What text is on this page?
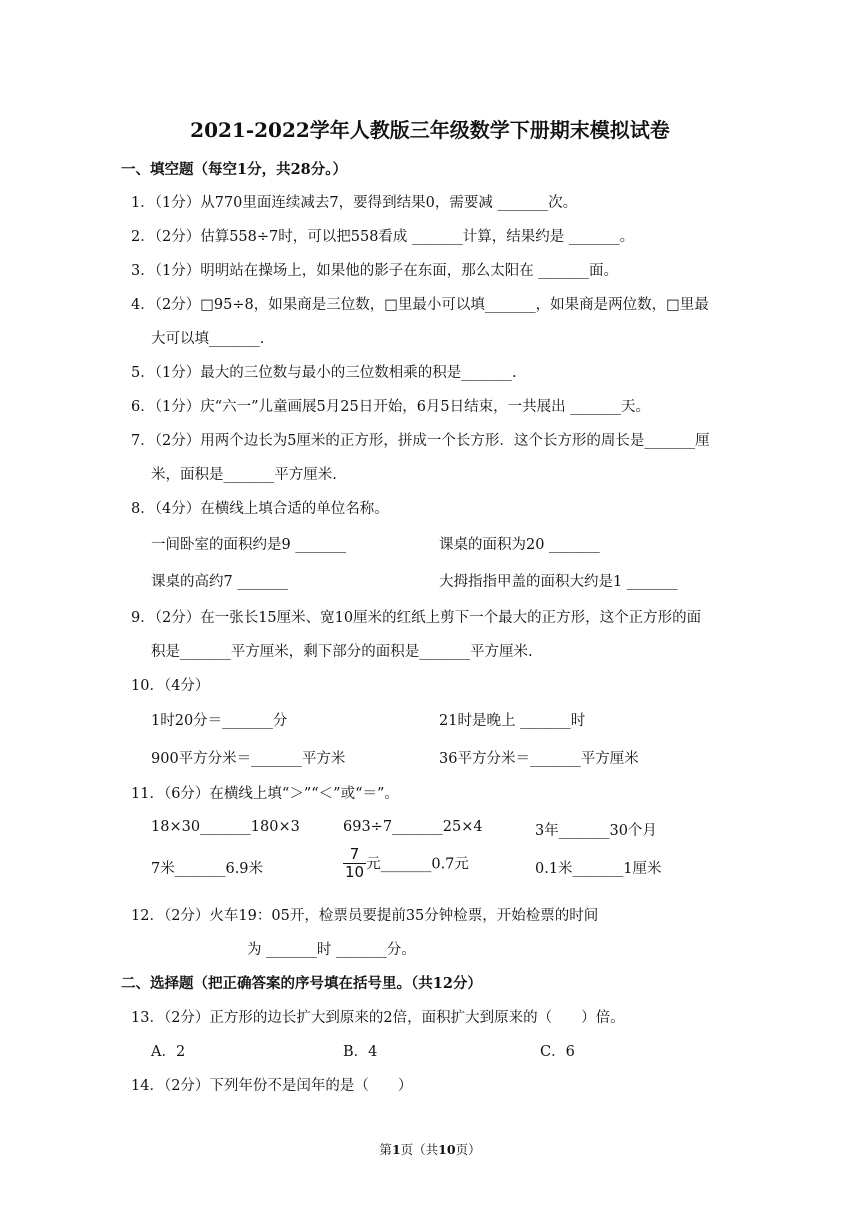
2021-2022学年人教版三年级数学下册期末模拟试卷
一、填空题（每空1分，共28分。）
1．（1分）从770里面连续减去7，要得到结果0，需要减 _______次。
2．（2分）估算558÷7时，可以把558看成 _______计算，结果约是 _______。
3．（1分）明明站在操场上，如果他的影子在东面，那么太阳在 _______面。
4．（2分）□95÷8，如果商是三位数，□里最小可以填_______，如果商是两位数，□里最
大可以填_______.
5．（1分）最大的三位数与最小的三位数相乘的积是_______.
6．（1分）庆“六一”儿童画展5月25日开始，6月5日结束，一共展出 _______天。
7．（2分）用两个边长为5厘米的正方形，拼成一个长方形．这个长方形的周长是_______厘
米，面积是_______平方厘米.
8．（4分）在横线上填合适的单位名称。
一间卧室的面积约是9 _______	课桌的面积为20 _______
课桌的高约7 _______	大拇指指甲盖的面积大约是1 _______
9．（2分）在一张长15厘米、宽10厘米的红纸上剪下一个最大的正方形，这个正方形的面
积是_______平方厘米，剩下部分的面积是_______平方厘米.
10．（4分）
1时20分＝_______分	21时是晚上 _______时
900平方分米＝_______平方米	36平方分米＝_______平方厘米
11．（6分）在横线上填“＞”“＜”或“＝”。
18×30_______180×3	693÷7_______25×4	3年_______30个月
7米_______6.9米	$\frac{7}{10}$ 元_______0.7元	0.1米_______1厘米
12．（2分）火车19：05开，检票员要提前35分钟检票，开始检票的时间
为 _______时 _______分。
二、选择题（把正确答案的序号填在括号里。（共12分）
13．（2分）正方形的边长扩大到原来的2倍，面积扩大到原来的（　　）倍。
A．2	B．4	C．6
14．（2分）下列年份不是闰年的是（　　）
第1页（共10页）
